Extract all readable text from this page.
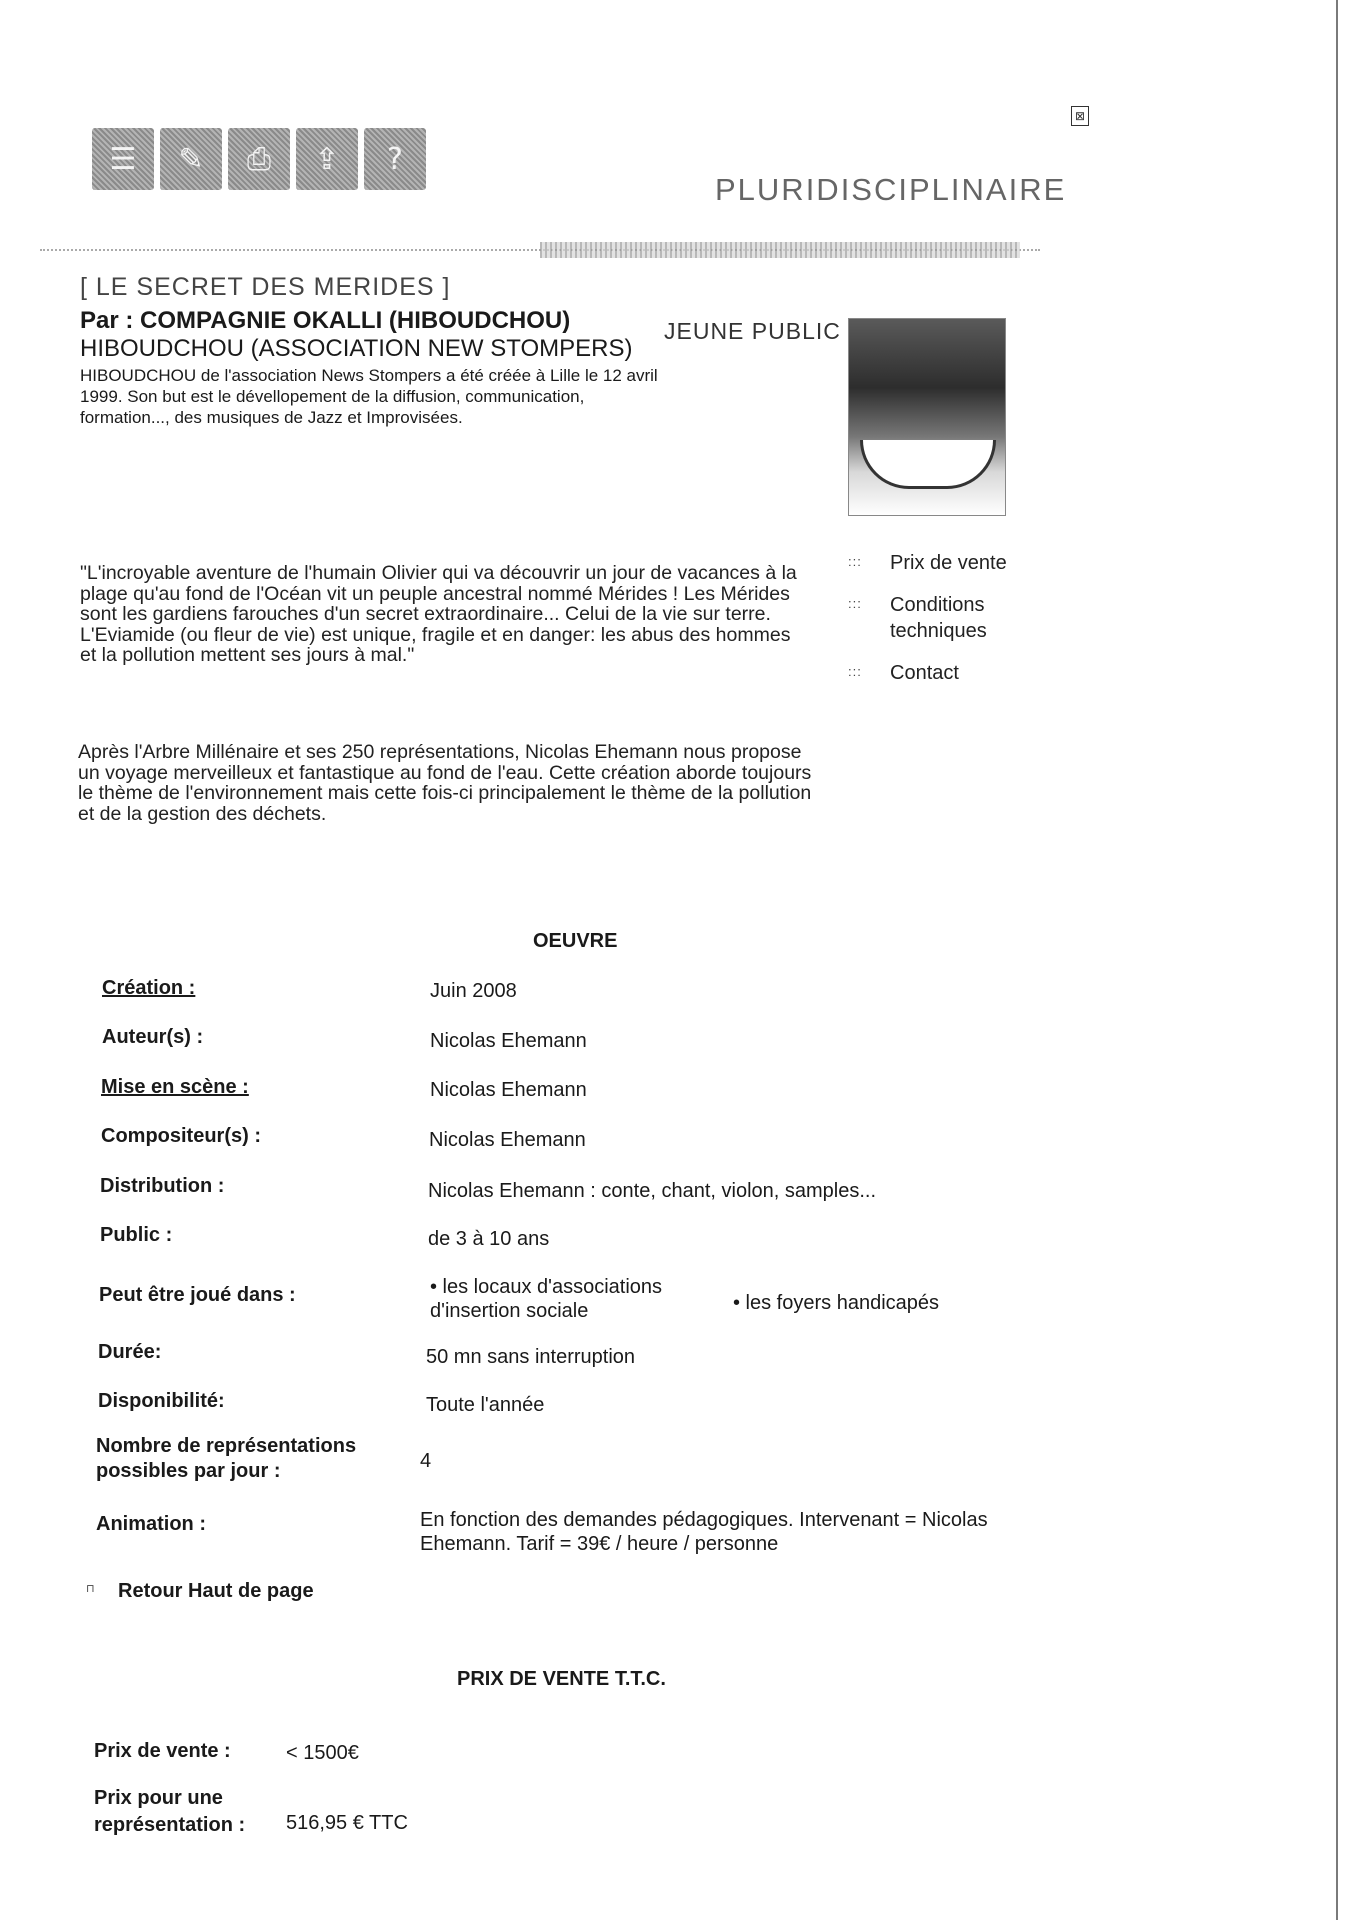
⊠
☰	✎	⎙	⇪	?
PLURIDISCIPLINAIRE
[ LE SECRET DES MERIDES ]
Par : COMPAGNIE OKALLI (HIBOUDCHOU)
HIBOUDCHOU (ASSOCIATION NEW STOMPERS)
HIBOUDCHOU de l'association News Stompers a été créée à Lille le 12 avril 1999. Son but est le dévellopement de la diffusion, communication, formation..., des musiques de Jazz et Improvisées.
JEUNE PUBLIC
:::	Prix de vente
:::	Conditions techniques
:::	Contact
"L'incroyable aventure de l'humain Olivier qui va découvrir un jour de vacances à la plage qu'au fond de l'Océan vit un peuple ancestral nommé Mérides ! Les Mérides sont les gardiens farouches d'un secret extraordinaire... Celui de la vie sur terre. L'Eviamide (ou fleur de vie) est unique, fragile et en danger: les abus des hommes et la pollution mettent ses jours à mal."
Après l'Arbre Millénaire et ses 250 représentations, Nicolas Ehemann nous propose un voyage merveilleux et fantastique au fond de l'eau. Cette création aborde toujours le thème de l'environnement mais cette fois-ci principalement le thème de la pollution et de la gestion des déchets.
OEUVRE
Création :	Juin 2008
Auteur(s) :	Nicolas Ehemann
Mise en scène :	Nicolas Ehemann
Compositeur(s) :	Nicolas Ehemann
Distribution :	Nicolas Ehemann : conte, chant, violon, samples...
Public :	de 3 à 10 ans
Peut être joué dans :	• les locaux d'associations d'insertion sociale	• les foyers handicapés
Durée:	50 mn sans interruption
Disponibilité:	Toute l'année
Nombre de représentations possibles par jour :	4
Animation :	En fonction des demandes pédagogiques. Intervenant = Nicolas Ehemann. Tarif = 39€ / heure / personne
⊓ Retour Haut de page
PRIX DE VENTE T.T.C.
Prix de vente :	< 1500€
Prix pour une représentation :	516,95 € TTC
